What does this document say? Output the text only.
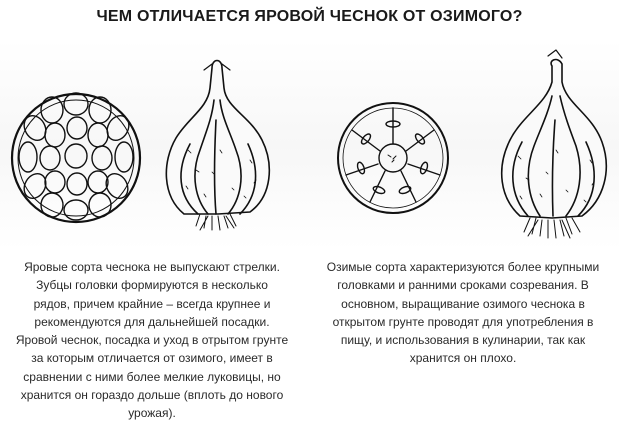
ЧЕМ ОТЛИЧАЕТСЯ ЯРОВОЙ ЧЕСНОК ОТ ОЗИМОГО?
Яровые сорта чеснока не выпускают стрелки.
Зубцы головки формируются в несколько
рядов, причем крайние – всегда крупнее и
рекомендуются для дальнейшей посадки.
Яровой чеснок, посадка и уход в отрытом грунте
за которым отличается от озимого, имеет в
сравнении с ними более мелкие луковицы, но
хранится он гораздо дольше (вплоть до нового
урожая).
Озимые сорта характеризуются более крупными
головками и ранними сроками созревания. В
основном, выращивание озимого чеснока в
открытом грунте проводят для употребления в
пищу, и использования в кулинарии, так как
хранится он плохо.
